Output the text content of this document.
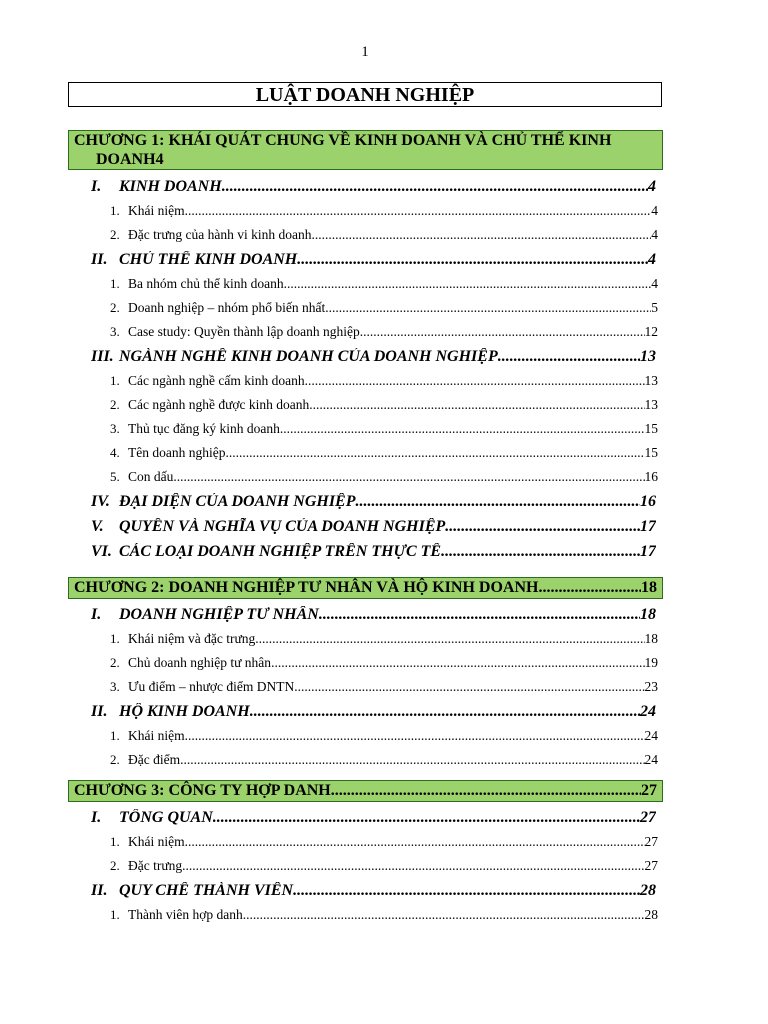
1
LUẬT DOANH NGHIỆP
CHƯƠNG 1: KHÁI QUÁT CHUNG VỀ KINH DOANH VÀ CHỦ THỂ KINH
DOANH 4
I. KINH DOANH .....	4
1. Khái niệm .....	4
2. Đặc trưng của hành vi kinh doanh .....	4
II. CHỦ THỂ KINH DOANH .....	4
1. Ba nhóm chủ thể kinh doanh .....	4
2. Doanh nghiệp – nhóm phổ biến nhất .....	5
3. Case study: Quyền thành lập doanh nghiệp .....	12
III. NGÀNH NGHỀ KINH DOANH CỦA DOANH NGHIỆP .....	13
1. Các ngành nghề cấm kinh doanh .....	13
2. Các ngành nghề được kinh doanh .....	13
3. Thủ tục đăng ký kinh doanh .....	15
4. Tên doanh nghiệp .....	15
5. Con dấu .....	16
IV. ĐẠI DIỆN CỦA DOANH NGHIỆP .....	16
V. QUYỀN VÀ NGHĨA VỤ CỦA DOANH NGHIỆP .....	17
VI. CÁC LOẠI DOANH NGHIỆP TRÊN THỰC TẾ .....	17
CHƯƠNG 2: DOANH NGHIỆP TƯ NHÂN VÀ HỘ KINH DOANH .....	18
I. DOANH NGHIỆP TƯ NHÂN .....	18
1. Khái niệm và đặc trưng .....	18
2. Chủ doanh nghiệp tư nhân .....	19
3. Ưu điểm – nhược điểm DNTN .....	23
II. HỘ KINH DOANH .....	24
1. Khái niệm .....	24
2. Đặc điểm .....	24
CHƯƠNG 3: CÔNG TY HỢP DANH .....	27
I. TỔNG QUAN .....	27
1. Khái niệm .....	27
2. Đặc trưng .....	27
II. QUY CHẾ THÀNH VIÊN .....	28
1. Thành viên hợp danh .....	28
